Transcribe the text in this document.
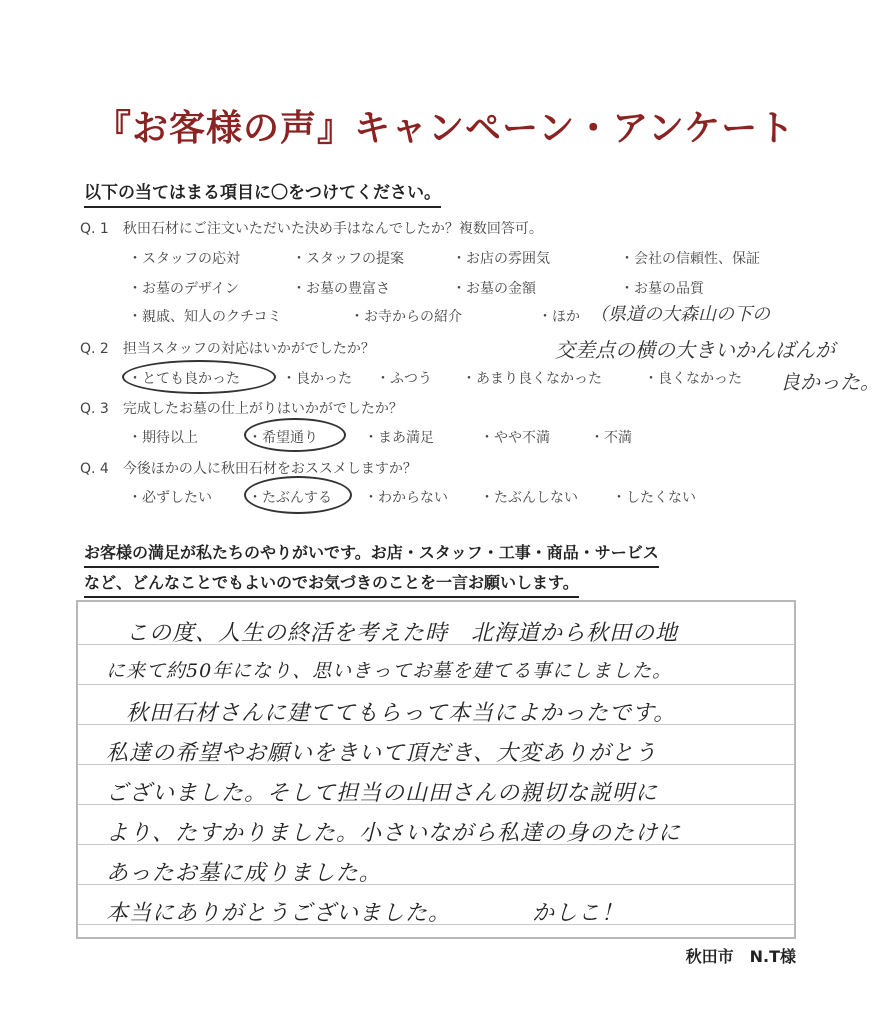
『お客様の声』キャンペーン・アンケート
以下の当てはまる項目に〇をつけてください。
Q. 1　秋田石材にご注文いただいた決め手はなんでしたか？複数回答可。
・スタッフの応対	・スタッフの提案	・お店の雰囲気	・会社の信頼性、保証
・お墓のデザイン	・お墓の豊富さ	・お墓の金額	・お墓の品質
・親戚、知人のクチコミ	・お寺からの紹介	・ほか （県道の大森山の下の
交差点の横の大きいかんばんが
良かった。
Q. 2　担当スタッフの対応はいかがでしたか？
・とても良かった	・良かった ・ふつう ・あまり良くなかった	・良くなかった
Q. 3　完成したお墓の仕上がりはいかがでしたか？
・期待以上	・希望通り	・まあ満足	・やや不満	・不満
Q. 4　今後ほかの人に秋田石材をおススメしますか？
・必ずしたい	・たぶんする ・わからない ・たぶんしない ・したくない
お客様の満足が私たちのやりがいです。お店・スタッフ・工事・商品・サービス
など、どんなことでもよいのでお気づきのことを一言お願いします。
この度、人生の終活を考えた時　北海道から秋田の地
に来て約50年になり、思いきってお墓を建てる事にしました。
秋田石材さんに建ててもらって本当によかったです。
私達の希望やお願いをきいて頂だき、大変ありがとう
ございました。そして担当の山田さんの親切な説明に
より、たすかりました。小さいながら私達の身のたけに
あったお墓に成りました。
本当にありがとうございました。　　　　かしこ！
秋田市　N.T様
